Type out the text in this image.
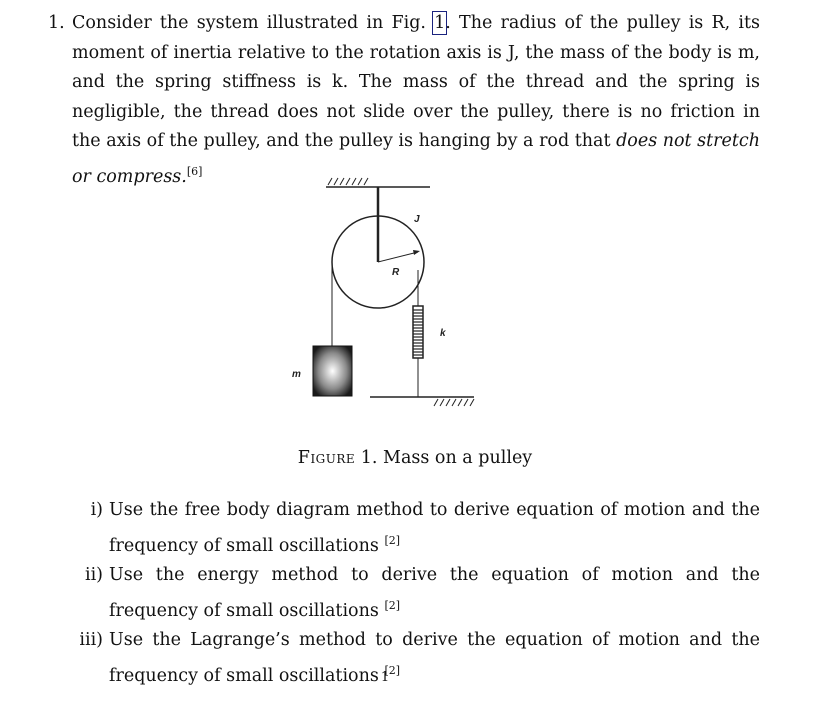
1. Consider the system illustrated in Fig. 1. The radius of the pulley is R, its moment of inertia relative to the rotation axis is J, the mass of the body is m, and the spring stiffness is k. The mass of the thread and the spring is negligible, the thread does not slide over the pulley, there is no friction in the axis of the pulley, and the pulley is hanging by a rod that does not stretch or compress.[6]
J
R
k
m
Figure 1. Mass on a pulley
i) Use the free body diagram method to derive equation of motion and the frequency of small oscillations [2]
ii) Use the energy method to derive the equation of motion and the frequency of small oscillations [2]
iii) Use the Lagrange’s method to derive the equation of motion and the frequency of small oscillations [2]
1
